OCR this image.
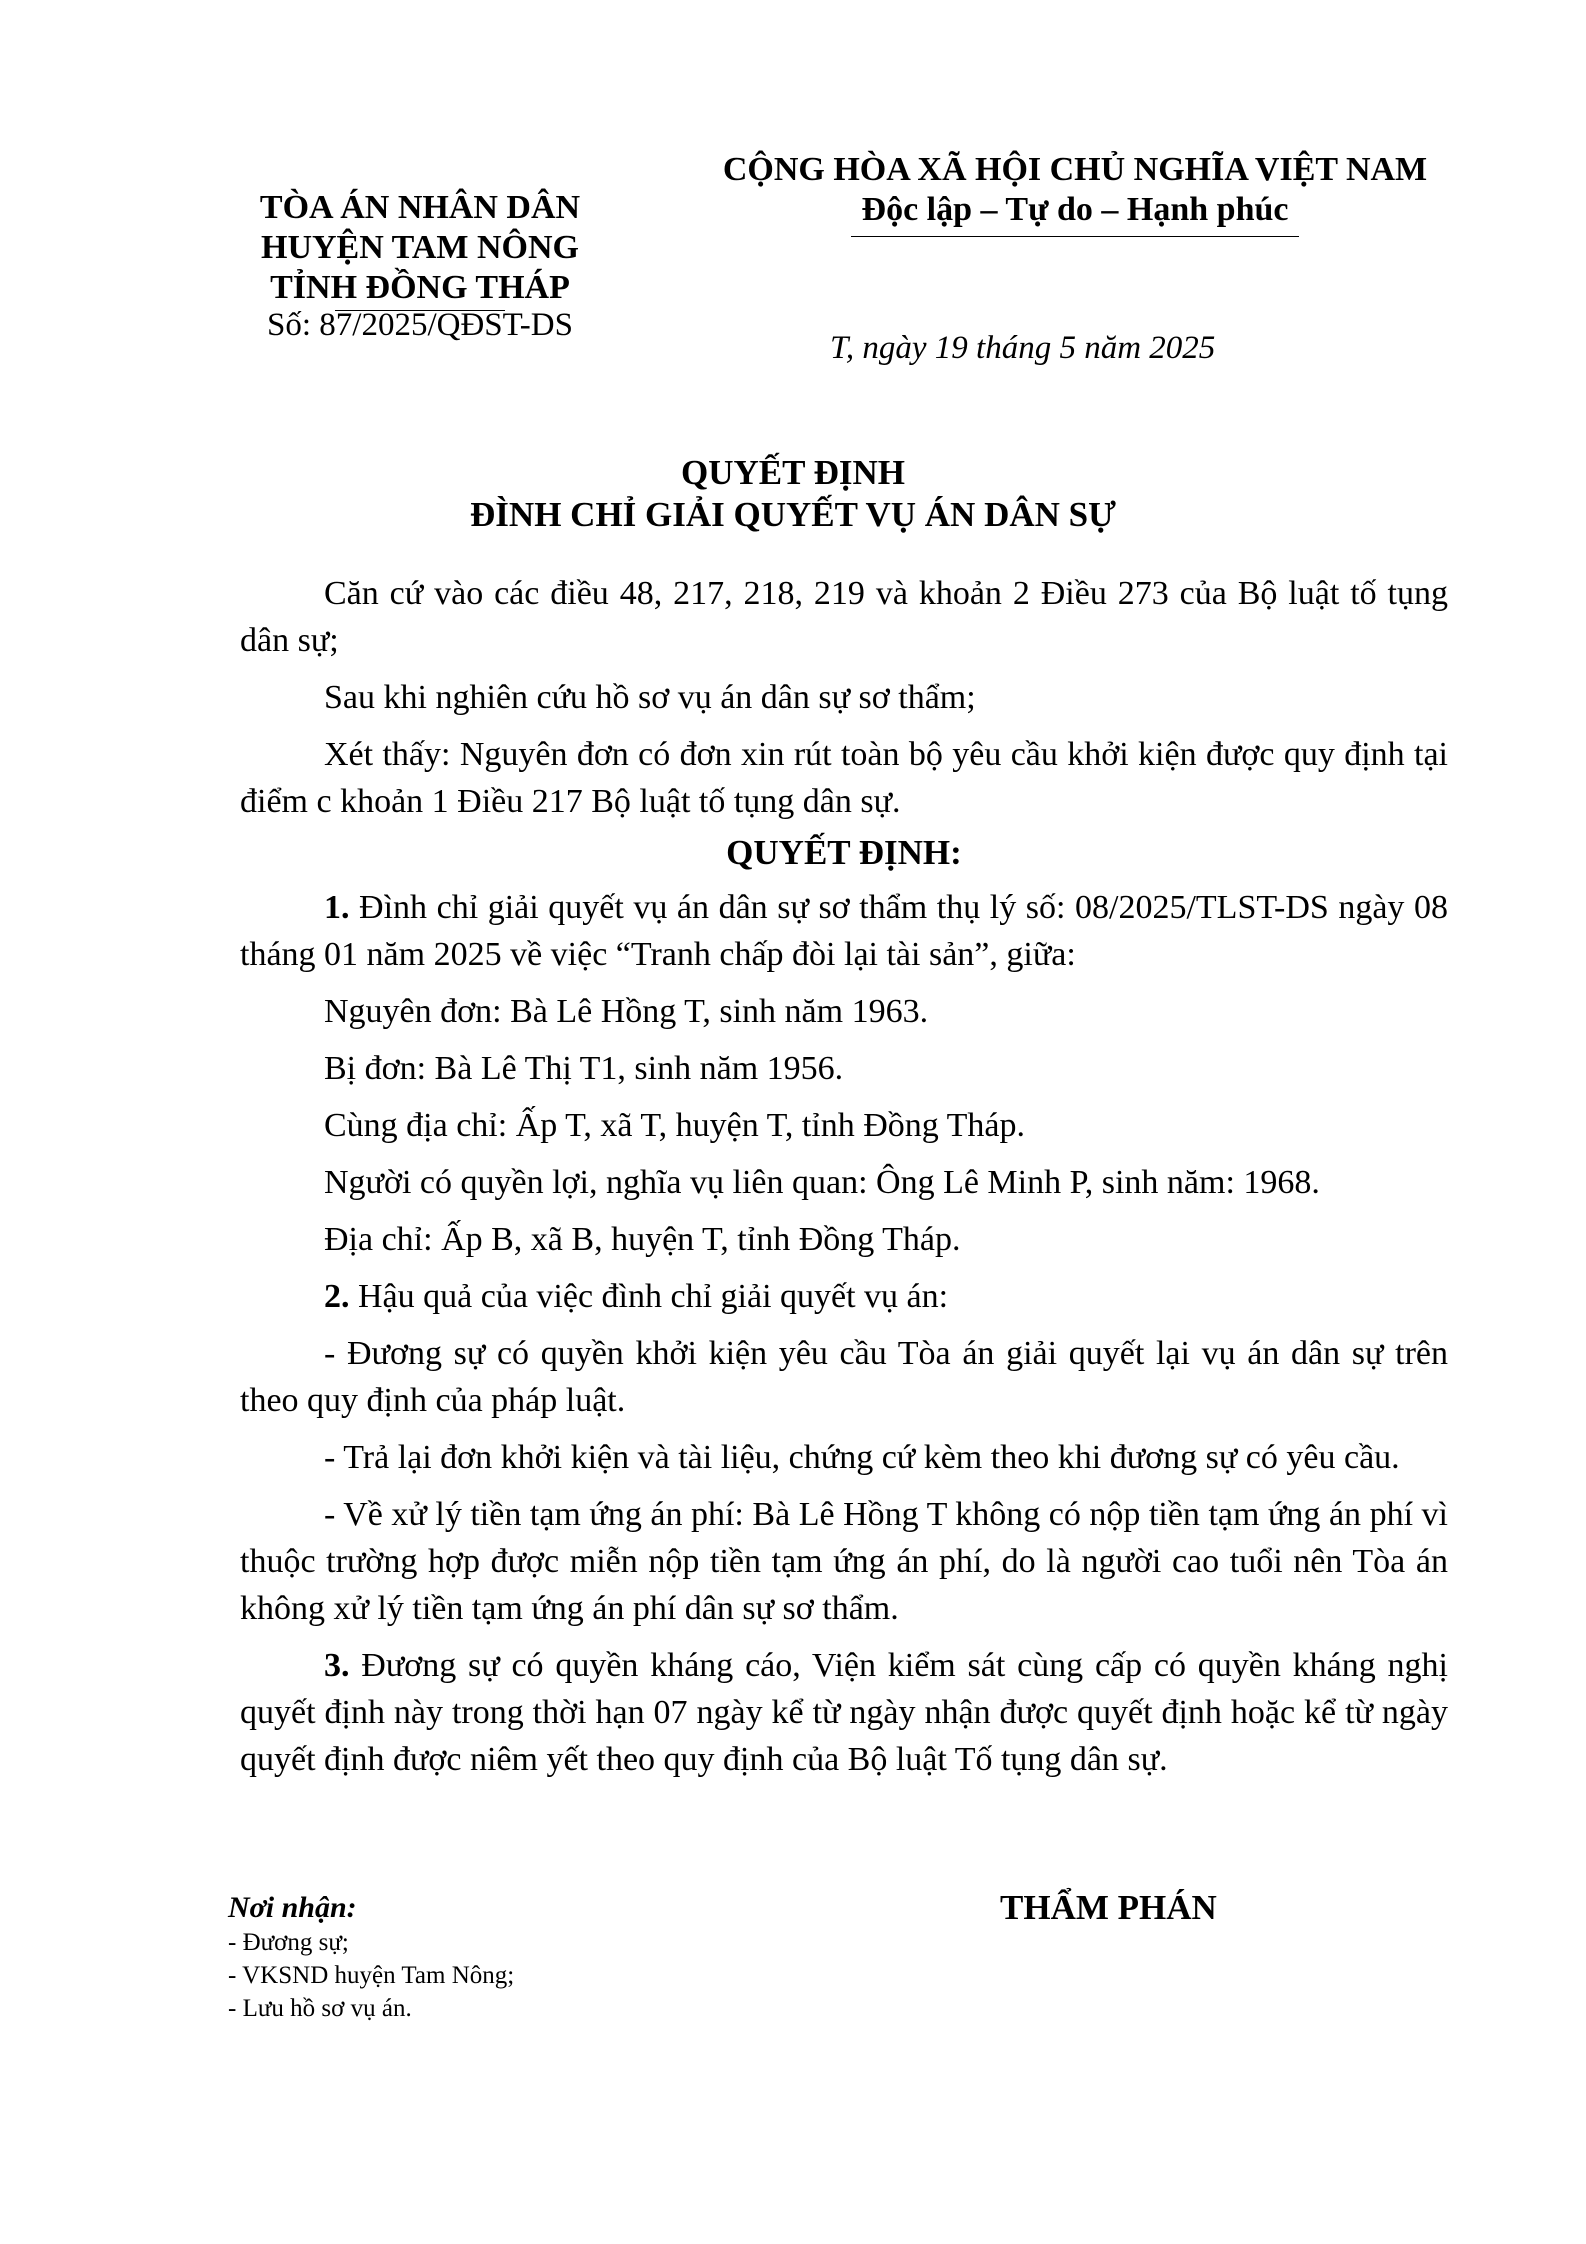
TÒA ÁN NHÂN DÂN
HUYỆN TAM NÔNG
TỈNH ĐỒNG THÁP
Số: 87/2025/QĐST-DS
CỘNG HÒA XÃ HỘI CHỦ NGHĨA VIỆT NAM
Độc lập – Tự do – Hạnh phúc
T, ngày 19 tháng 5 năm 2025
QUYẾT ĐỊNH
ĐÌNH CHỈ GIẢI QUYẾT VỤ ÁN DÂN SỰ

Căn cứ vào các điều 48, 217, 218, 219 và khoản 2 Điều 273 của Bộ luật tố tụng dân sự;

Sau khi nghiên cứu hồ sơ vụ án dân sự sơ thẩm;

Xét thấy: Nguyên đơn có đơn xin rút toàn bộ yêu cầu khởi kiện được quy định tại điểm c khoản 1 Điều 217 Bộ luật tố tụng dân sự.

QUYẾT ĐỊNH:

1. Đình chỉ giải quyết vụ án dân sự sơ thẩm thụ lý số: 08/2025/TLST-DS ngày 08 tháng 01 năm 2025 về việc “Tranh chấp đòi lại tài sản”, giữa:

Nguyên đơn: Bà Lê Hồng T, sinh năm 1963.

Bị đơn: Bà Lê Thị T1, sinh năm 1956.

Cùng địa chỉ: Ấp T, xã T, huyện T, tỉnh Đồng Tháp.

Người có quyền lợi, nghĩa vụ liên quan: Ông Lê Minh P, sinh năm: 1968.

Địa chỉ: Ấp B, xã B, huyện T, tỉnh Đồng Tháp.

2. Hậu quả của việc đình chỉ giải quyết vụ án:

- Đương sự có quyền khởi kiện yêu cầu Tòa án giải quyết lại vụ án dân sự trên theo quy định của pháp luật.

- Trả lại đơn khởi kiện và tài liệu, chứng cứ kèm theo khi đương sự có yêu cầu.

- Về xử lý tiền tạm ứng án phí: Bà Lê Hồng T không có nộp tiền tạm ứng án phí vì thuộc trường hợp được miễn nộp tiền tạm ứng án phí, do là người cao tuổi nên Tòa án không xử lý tiền tạm ứng án phí dân sự sơ thẩm.

3. Đương sự có quyền kháng cáo, Viện kiểm sát cùng cấp có quyền kháng nghị quyết định này trong thời hạn 07 ngày kể từ ngày nhận được quyết định hoặc kể từ ngày quyết định được niêm yết theo quy định của Bộ luật Tố tụng dân sự.

Nơi nhận:
- Đương sự;
- VKSND huyện Tam Nông;
- Lưu hồ sơ vụ án.
THẨM PHÁN
